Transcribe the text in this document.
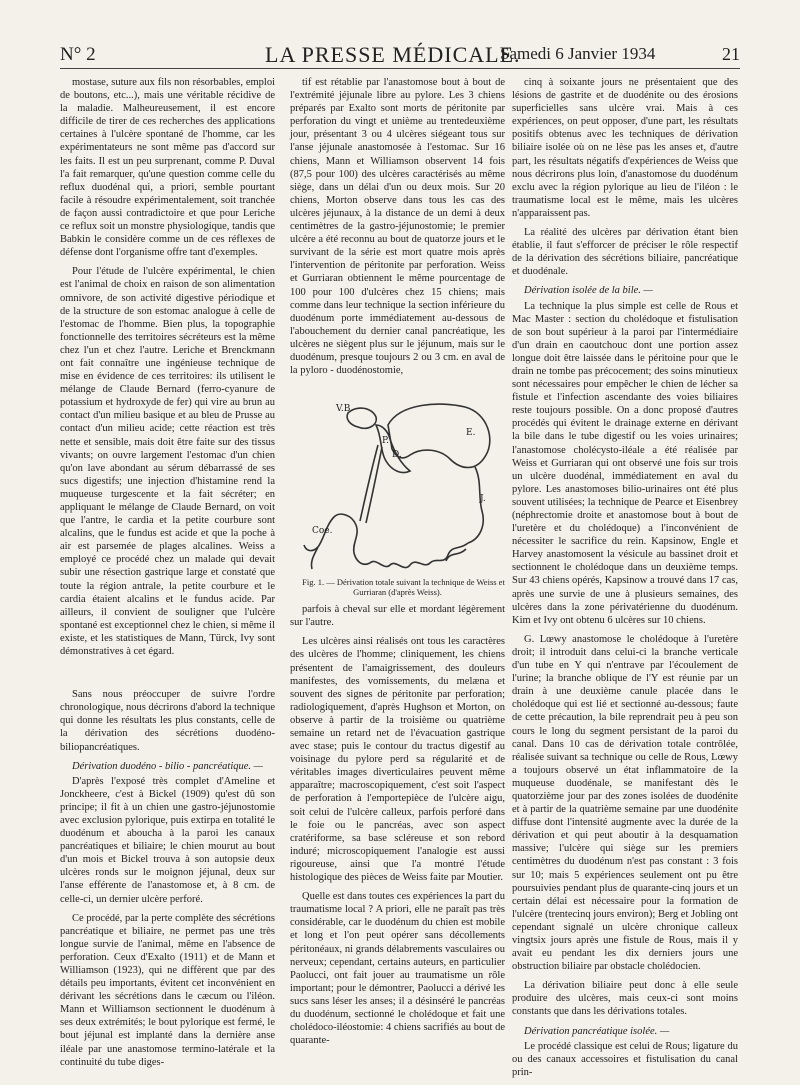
N° 2	LA PRESSE MÉDICALE.
Samedi 6 Janvier 1934	21

mostase, suture aux fils non résorbables, emploi de boutons, etc...), mais une véritable récidive de la maladie. Malheureusement, il est encore difficile de tirer de ces recherches des applications certaines à l'ulcère spontané de l'homme, car les expérimentateurs ne sont même pas d'accord sur les faits. Il est un peu surprenant, comme P. Duval l'a fait remarquer, qu'une question comme celle du reflux duodénal qui, a priori, semble pourtant facile à résoudre expérimentalement, soit tranchée de façon aussi contradictoire et que pour Leriche ce reflux soit un monstre physiologique, tandis que Babkin le considère comme un de ces réflexes de défense dont l'organisme offre tant d'exemples.

Pour l'étude de l'ulcère expérimental, le chien est l'animal de choix en raison de son alimentation omnivore, de son activité digestive périodique et de la structure de son estomac analogue à celle de l'estomac de l'homme. Bien plus, la topographie fonctionnelle des territoires sécréteurs est la même chez l'un et chez l'autre. Leriche et Brenckmann ont fait connaître une ingénieuse technique de mise en évidence de ces territoires: ils utilisent le mélange de Claude Bernard (ferro-cyanure de potassium et hydroxyde de fer) qui vire au brun au contact d'un milieu basique et au bleu de Prusse au contact d'un milieu acide; cette réaction est très nette et sensible, mais doit être faite sur des tissus vivants; on ouvre largement l'estomac d'un chien qu'on lave abondant au sérum débarrassé de ses sucs digestifs; une injection d'histamine rend la muqueuse turgescente et la fait sécréter; en appliquant le mélange de Claude Bernard, on voit que l'antre, le cardia et la petite courbure sont alcalins, que le fundus est acide et que la poche à air est parsemée de plages alcalines. Weiss a employé ce procédé chez un malade qui devait subir une résection gastrique large et constaté que toute la région antrale, la petite courbure et le cardia étaient alcalins et le fundus acide. Par ailleurs, il convient de souligner que l'ulcère spontané est exceptionnel chez le chien, si même il existe, et les statistiques de Mann, Türck, Ivy sont démonstratives à cet égard.

Sans nous préoccuper de suivre l'ordre chronologique, nous décrirons d'abord la technique qui donne les résultats les plus constants, celle de la dérivation des sécrétions duodéno-biliopancréatiques.

Dérivation duodéno - bilio - pancréatique. —

D'après l'exposé très complet d'Ameline et Jonckheere, c'est à Bickel (1909) qu'est dû son principe; il fit à un chien une gastro-jéjunostomie avec exclusion pylorique, puis extirpa en totalité le duodénum et aboucha à la paroi les canaux pancréatiques et biliaire; le chien mourut au bout d'un mois et Bickel trouva à son autopsie deux ulcères ronds sur le moignon jéjunal, deux sur l'anse efférente de l'anastomose et, à 8 cm. de celle-ci, un dernier ulcère perforé.

Ce procédé, par la perte complète des sécrétions pancréatique et biliaire, ne permet pas une très longue survie de l'animal, même en l'absence de perforation. Ceux d'Exalto (1911) et de Mann et Williamson (1923), qui ne diffèrent que par des détails peu importants, évitent cet inconvénient en dérivant les sécrétions dans le cæcum ou l'iléon. Mann et Williamson sectionnent le duodénum à ses deux extrémités; le bout pylorique est fermé, le bout jéjunal est implanté dans la dernière anse iléale par une anastomose termino-latérale et la continuité du tube diges-

tif est rétablie par l'anastomose bout à bout de l'extrémité jéjunale libre au pylore. Les 3 chiens préparés par Exalto sont morts de péritonite par perforation du vingt et unième au trentedeuxième jour, présentant 3 ou 4 ulcères siégeant tous sur l'anse jéjunale anastomosée à l'estomac. Sur 16 chiens, Mann et Williamson observent 14 fois (87,5 pour 100) des ulcères caractérisés au même siège, dans un délai d'un ou deux mois. Sur 20 chiens, Morton observe dans tous les cas des ulcères jéjunaux, à la distance de un demi à deux centimètres de la gastro-jéjunostomie; le premier ulcère a été reconnu au bout de quatorze jours et le survivant de la série est mort quatre mois après l'intervention de péritonite par perforation. Weiss et Gurriaran obtiennent le même pourcentage de 100 pour 100 d'ulcères chez 15 chiens; mais comme dans leur technique la section inférieure du duodénum porte immédiatement au-dessous de l'abouchement du dernier canal pancréatique, les ulcères ne siègent plus sur le jéjunum, mais sur le duodénum, presque toujours 2 ou 3 cm. en aval de la pyloro - duodénostomie,

V.B.
E.
P.
D.
J.
Coe.

Fig. 1. — Dérivation totale suivant la technique de Weiss et Gurriaran (d'après Weiss).

parfois à cheval sur elle et mordant légèrement sur l'autre.

Les ulcères ainsi réalisés ont tous les caractères des ulcères de l'homme; cliniquement, les chiens présentent de l'amaigrissement, des douleurs manifestes, des vomissements, du melæna et souvent des signes de péritonite par perforation; radiologiquement, d'après Hughson et Morton, on observe à partir de la troisième ou quatrième semaine un retard net de l'évacuation gastrique avec stase; puis le contour du tractus digestif au voisinage du pylore perd sa régularité et de véritables images diverticulaires peuvent même apparaître; macroscopiquement, c'est soit l'aspect de perforation à l'emportepièce de l'ulcère aigu, soit celui de l'ulcère calleux, parfois perforé dans le foie ou le pancréas, avec son aspect cratériforme, sa base scléreuse et son rebord induré; microscopiquement l'analogie est aussi rigoureuse, ainsi que l'a montré l'étude histologique des pièces de Weiss faite par Moutier.

Quelle est dans toutes ces expériences la part du traumatisme local ? A priori, elle ne paraît pas très considérable, car le duodénum du chien est mobile et long et l'on peut opérer sans décollements péritonéaux, ni grands délabrements vasculaires ou nerveux; cependant, certains auteurs, en particulier Paolucci, ont fait jouer au traumatisme un rôle important; pour le démontrer, Paolucci a dérivé les sucs sans léser les anses; il a désinséré le pancréas du duodénum, sectionné le cholédoque et fait une cholédoco-iléostomie: 4 chiens sacrifiés au bout de quarante-

cinq à soixante jours ne présentaient que des lésions de gastrite et de duodénite ou des érosions superficielles sans ulcère vrai. Mais à ces expériences, on peut opposer, d'une part, les résultats positifs obtenus avec les techniques de dérivation biliaire isolée où on ne lèse pas les anses et, d'autre part, les résultats négatifs d'expériences de Weiss que nous décrirons plus loin, d'anastomose du duodénum exclu avec la région pylorique au lieu de l'iléon : le traumatisme local est le même, mais les ulcères n'apparaissent pas.

La réalité des ulcères par dérivation étant bien établie, il faut s'efforcer de préciser le rôle respectif de la dérivation des sécrétions biliaire, pancréatique et duodénale.

Dérivation isolée de la bile. —

La technique la plus simple est celle de Rous et Mac Master : section du cholédoque et fistulisation de son bout supérieur à la paroi par l'intermédiaire d'un drain en caoutchouc dont une portion assez longue doit être laissée dans le péritoine pour que le drain ne tombe pas précocement; des soins minutieux sont nécessaires pour empêcher le chien de lécher sa fistule et l'infection ascendante des voies biliaires reste toujours possible. On a donc proposé d'autres procédés qui évitent le drainage externe en dérivant la bile dans le tube digestif ou les voies urinaires; l'anastomose cholécysto-iléale a été réalisée par Weiss et Gurriaran qui ont observé une fois sur trois un ulcère duodénal, immédiatement en aval du pylore. Les anastomoses bilio-urinaires ont été plus souvent utilisées; la technique de Pearce et Eisenbrey (néphrectomie droite et anastomose bout à bout de l'uretère et du cholédoque) a l'inconvénient de nécessiter le sacrifice du rein. Kapsinow, Engle et Harvey anastomosent la vésicule au bassinet droit et sectionnent le cholédoque dans un deuxième temps. Sur 43 chiens opérés, Kapsinow a trouvé dans 17 cas, après une survie de une à plusieurs semaines, des ulcères dans la zone périvatérienne du duodénum. Kim et Ivy ont obtenu 6 ulcères sur 10 chiens.

G. Lœwy anastomose le cholédoque à l'uretère droit; il introduit dans celui-ci la branche verticale d'un tube en Y qui n'entrave par l'écoulement de l'urine; la branche oblique de l'Y est réunie par un drain à une deuxième canule placée dans le cholédoque qui est lié et sectionné au-dessous; faute de cette précaution, la bile reprendrait peu à peu son cours le long du segment persistant de la paroi du canal. Dans 10 cas de dérivation totale contrôlée, réalisée suivant sa technique ou celle de Rous, Lœwy a toujours observé un état inflammatoire de la muqueuse duodénale, se manifestant dès le quatorzième jour par des zones isolées de duodénite et à partir de la quatrième semaine par une duodénite diffuse dont l'intensité augmente avec la durée de la dérivation et qui peut aboutir à la desquamation massive; l'ulcère qui siège sur les premiers centimètres du duodénum n'est pas constant : 3 fois sur 10; mais 5 expériences seulement ont pu être poursuivies pendant plus de quarante-cinq jours et un certain délai est nécessaire pour la formation de l'ulcère (trentecinq jours environ); Berg et Jobling ont cependant signalé un ulcère chronique calleux vingtsix jours après une fistule de Rous, mais il y avait eu pendant les dix derniers jours une obstruction biliaire par obstacle cholédocien.

La dérivation biliaire peut donc à elle seule produire des ulcères, mais ceux-ci sont moins constants que dans les dérivations totales.

Dérivation pancréatique isolée. —

Le procédé classique est celui de Rous; ligature du ou des canaux accessoires et fistulisation du canal prin-
